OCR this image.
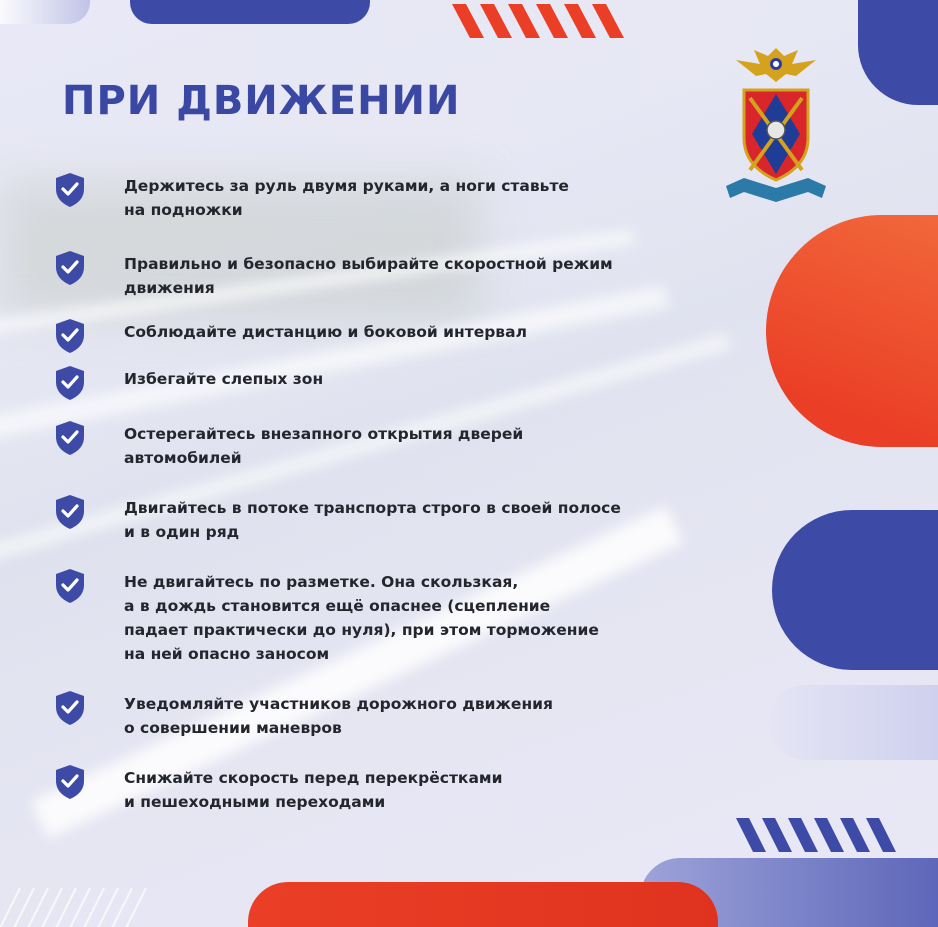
ПРИ ДВИЖЕНИИ
Держитесь за руль двумя руками, а ноги ставьте
на подножки
Правильно и безопасно выбирайте скоростной режим
движения
Соблюдайте дистанцию и боковой интервал
Избегайте слепых зон
Остерегайтесь внезапного открытия дверей
автомобилей
Двигайтесь в потоке транспорта строго в своей полосе
и в один ряд
Не двигайтесь по разметке. Она скользкая,
а в дождь становится ещё опаснее (сцепление
падает практически до нуля), при этом торможение
на ней опасно заносом
Уведомляйте участников дорожного движения
о совершении маневров
Снижайте скорость перед перекрёстками
и пешеходными переходами
